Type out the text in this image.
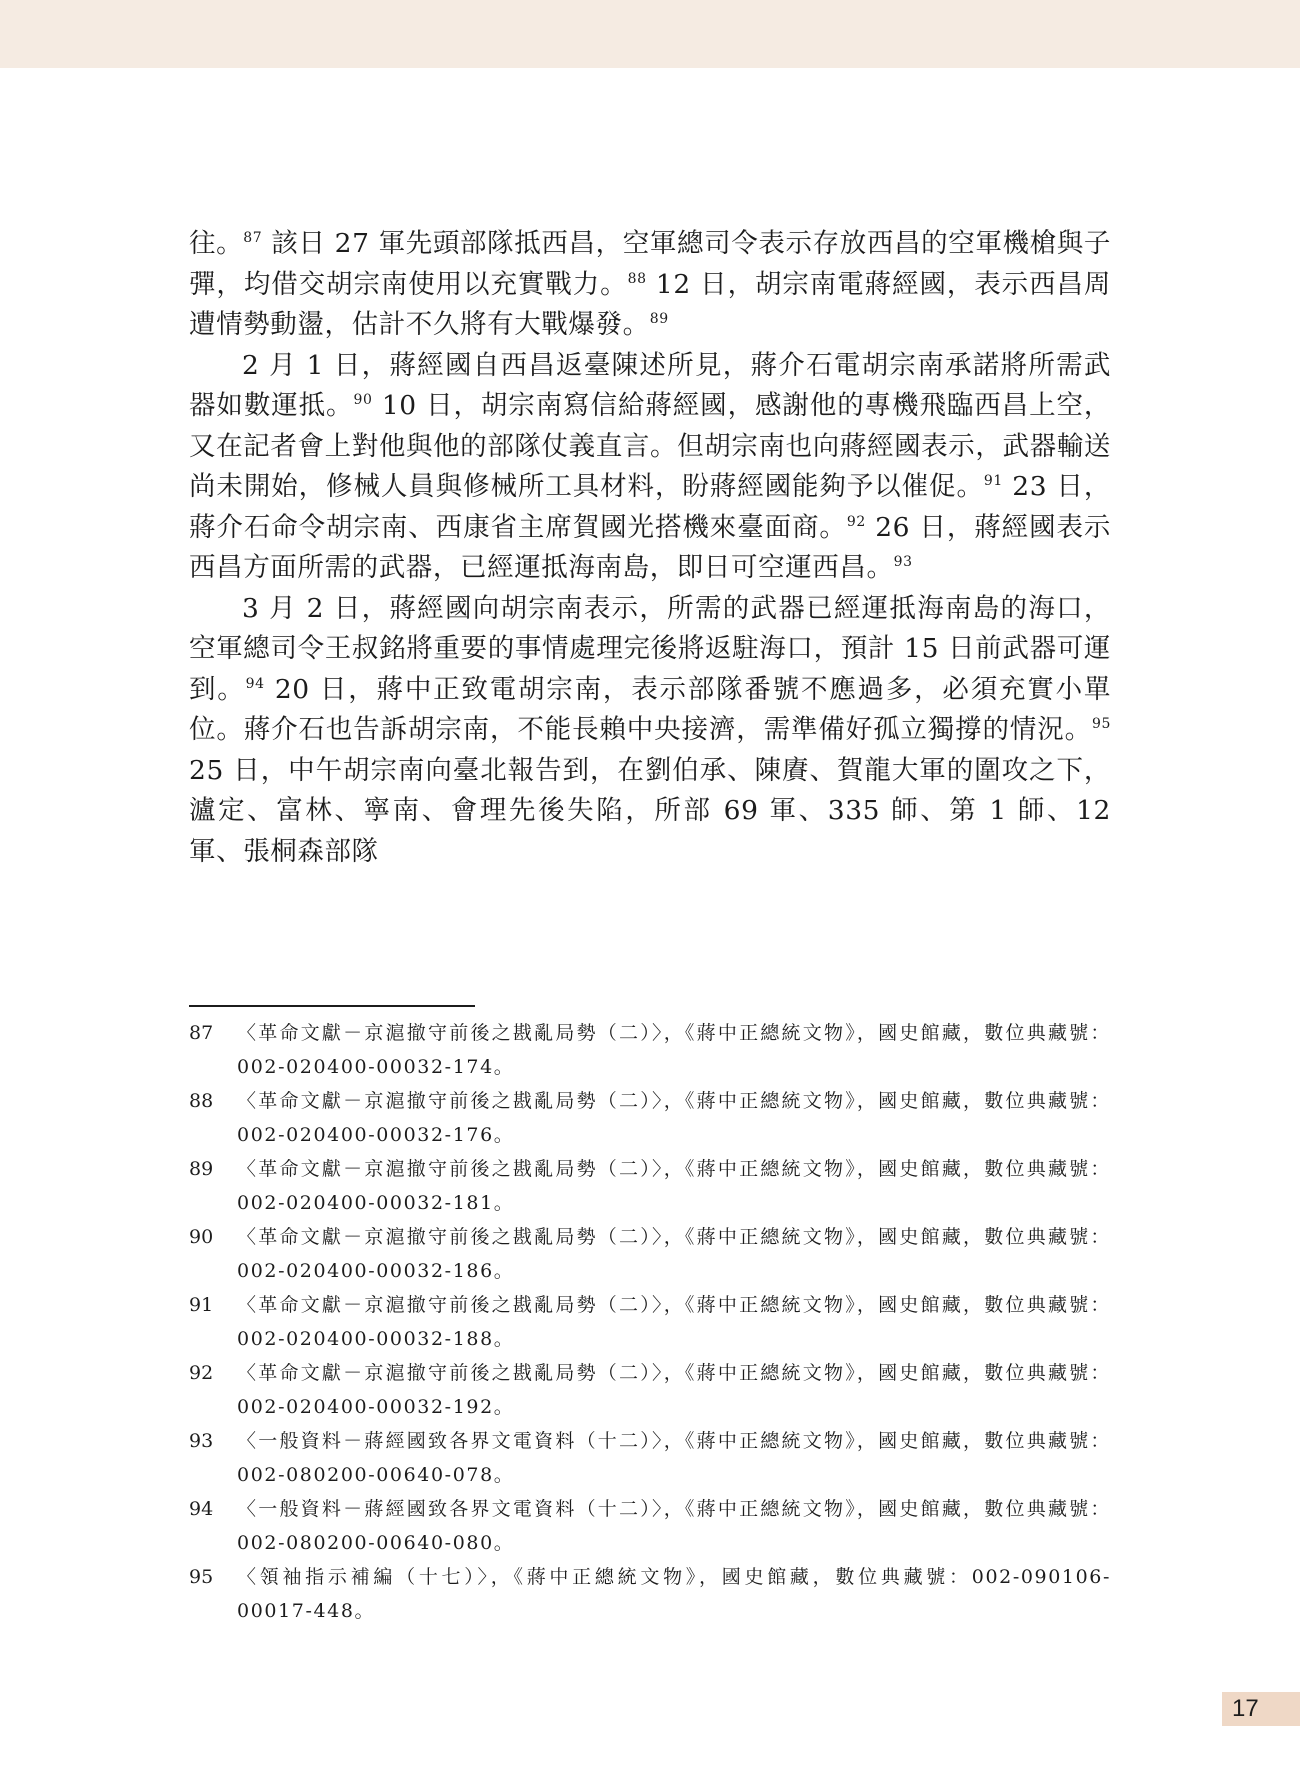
往。$^{87}$ 該日 27 軍先頭部隊抵西昌，空軍總司令表示存放西昌的空軍機槍與子彈，均借交胡宗南使用以充實戰力。$^{88}$ 12 日，胡宗南電蔣經國，表示西昌周遭情勢動盪，估計不久將有大戰爆發。$^{89}$

2 月 1 日，蔣經國自西昌返臺陳述所見，蔣介石電胡宗南承諾將所需武器如數運抵。$^{90}$ 10 日，胡宗南寫信給蔣經國，感謝他的專機飛臨西昌上空，又在記者會上對他與他的部隊仗義直言。但胡宗南也向蔣經國表示，武器輸送尚未開始，修械人員與修械所工具材料，盼蔣經國能夠予以催促。$^{91}$ 23 日，蔣介石命令胡宗南、西康省主席賀國光搭機來臺面商。$^{92}$ 26 日，蔣經國表示西昌方面所需的武器，已經運抵海南島，即日可空運西昌。$^{93}$

3 月 2 日，蔣經國向胡宗南表示，所需的武器已經運抵海南島的海口，空軍總司令王叔銘將重要的事情處理完後將返駐海口，預計 15 日前武器可運到。$^{94}$ 20 日，蔣中正致電胡宗南，表示部隊番號不應過多，必須充實小單位。蔣介石也告訴胡宗南，不能長賴中央接濟，需準備好孤立獨撐的情況。$^{95}$ 25 日，中午胡宗南向臺北報告到，在劉伯承、陳賡、賀龍大軍的圍攻之下，瀘定、富林、寧南、會理先後失陷，所部 69 軍、335 師、第 1 師、12 軍、張桐森部隊

87	〈革命文獻－京滬撤守前後之戡亂局勢（二）〉，《蔣中正總統文物》，國史館藏，數位典藏號：002-020400-00032-174。
88	〈革命文獻－京滬撤守前後之戡亂局勢（二）〉，《蔣中正總統文物》，國史館藏，數位典藏號：002-020400-00032-176。
89	〈革命文獻－京滬撤守前後之戡亂局勢（二）〉，《蔣中正總統文物》，國史館藏，數位典藏號：002-020400-00032-181。
90	〈革命文獻－京滬撤守前後之戡亂局勢（二）〉，《蔣中正總統文物》，國史館藏，數位典藏號：002-020400-00032-186。
91	〈革命文獻－京滬撤守前後之戡亂局勢（二）〉，《蔣中正總統文物》，國史館藏，數位典藏號：002-020400-00032-188。
92	〈革命文獻－京滬撤守前後之戡亂局勢（二）〉，《蔣中正總統文物》，國史館藏，數位典藏號：002-020400-00032-192。
93	〈一般資料－蔣經國致各界文電資料（十二）〉，《蔣中正總統文物》，國史館藏，數位典藏號：002-080200-00640-078。
94	〈一般資料－蔣經國致各界文電資料（十二）〉，《蔣中正總統文物》，國史館藏，數位典藏號：002-080200-00640-080。
95	〈領袖指示補編（十七）〉，《蔣中正總統文物》，國史館藏，數位典藏號：002-090106-00017-448。
17
